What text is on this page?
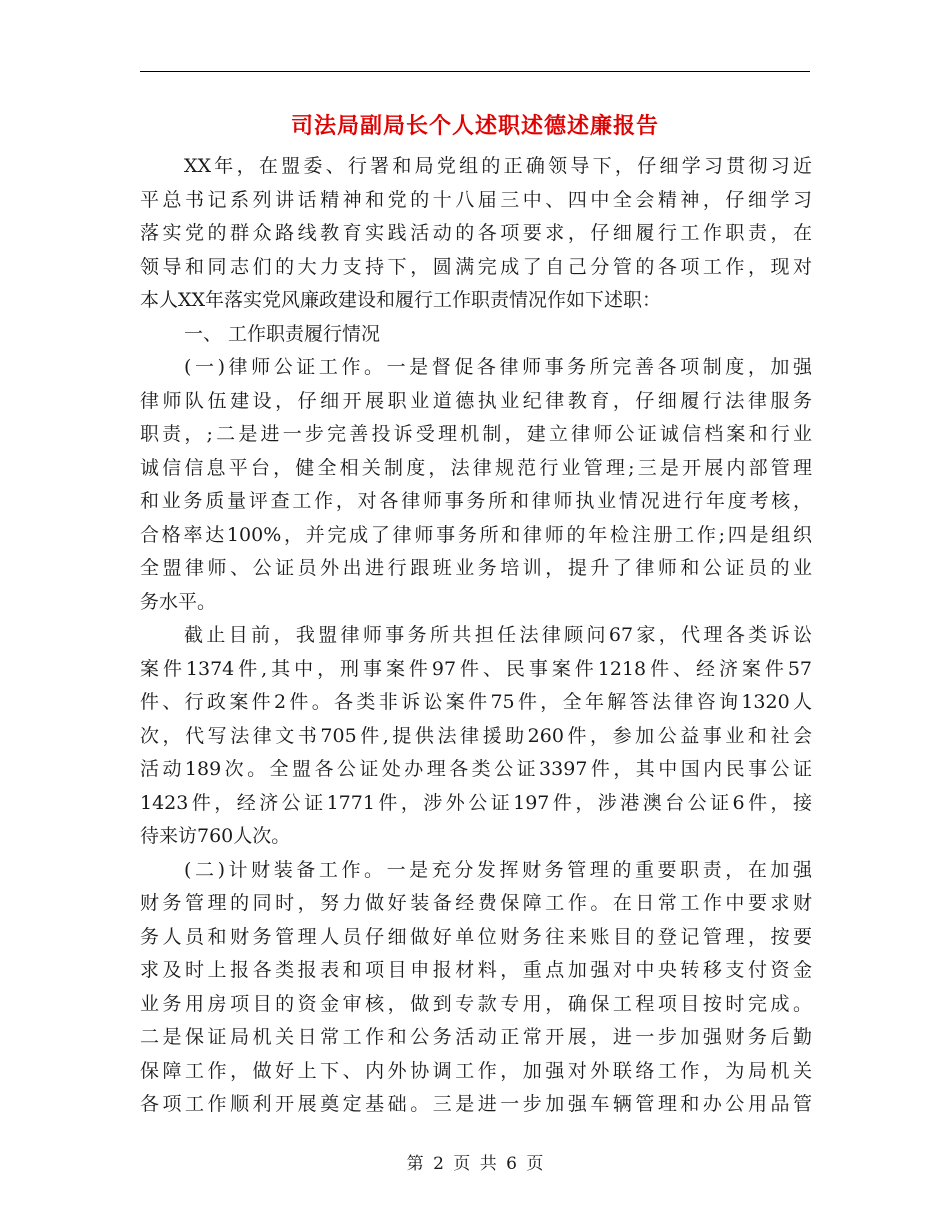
司法局副局长个人述职述德述廉报告
XX年，在盟委、行署和局党组的正确领导下，仔细学习贯彻习近
平总书记系列讲话精神和党的十八届三中、四中全会精神，仔细学习
落实党的群众路线教育实践活动的各项要求，仔细履行工作职责，在
领导和同志们的大力支持下，圆满完成了自己分管的各项工作，现对
本人XX年落实党风廉政建设和履行工作职责情况作如下述职：
一、 工作职责履行情况
(一)律师公证工作。一是督促各律师事务所完善各项制度，加强
律师队伍建设，仔细开展职业道德执业纪律教育，仔细履行法律服务
职责，;二是进一步完善投诉受理机制，建立律师公证诚信档案和行业
诚信信息平台，健全相关制度，法律规范行业管理;三是开展内部管理
和业务质量评查工作，对各律师事务所和律师执业情况进行年度考核，
合格率达100%，并完成了律师事务所和律师的年检注册工作;四是组织
全盟律师、公证员外出进行跟班业务培训，提升了律师和公证员的业
务水平。
截止目前，我盟律师事务所共担任法律顾问67家，代理各类诉讼
案件1374件,其中，刑事案件97件、民事案件1218件、经济案件57
件、行政案件2件。各类非诉讼案件75件，全年解答法律咨询1320人
次，代写法律文书705件,提供法律援助260件，参加公益事业和社会
活动189次。全盟各公证处办理各类公证3397件，其中国内民事公证
1423件，经济公证1771件，涉外公证197件，涉港澳台公证6件，接
待来访760人次。
(二)计财装备工作。一是充分发挥财务管理的重要职责，在加强
财务管理的同时，努力做好装备经费保障工作。在日常工作中要求财
务人员和财务管理人员仔细做好单位财务往来账目的登记管理，按要
求及时上报各类报表和项目申报材料，重点加强对中央转移支付资金
业务用房项目的资金审核，做到专款专用，确保工程项目按时完成。
二是保证局机关日常工作和公务活动正常开展，进一步加强财务后勤
保障工作，做好上下、内外协调工作，加强对外联络工作，为局机关
各项工作顺利开展奠定基础。三是进一步加强车辆管理和办公用品管
第 2 页 共 6 页
